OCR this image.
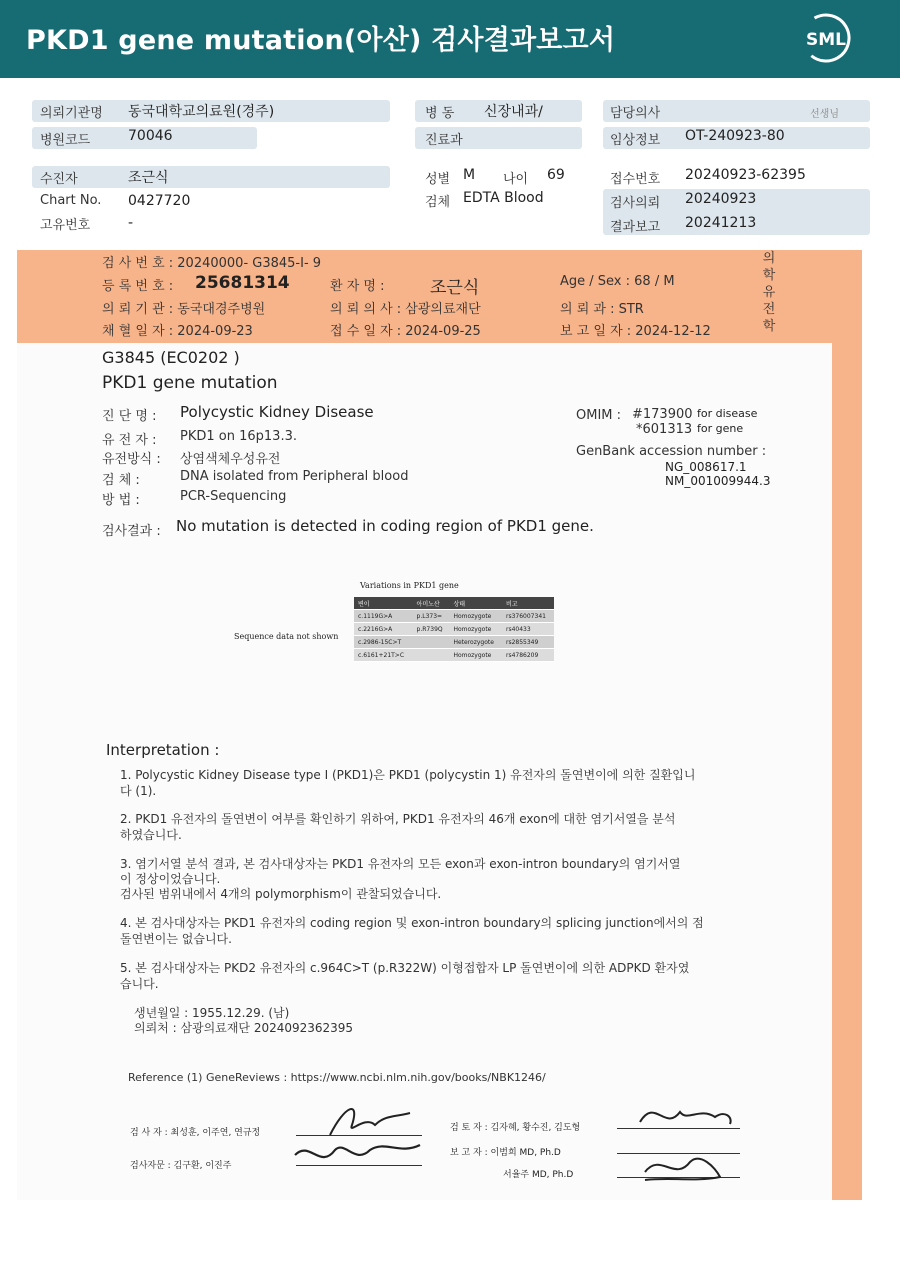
PKD1 gene mutation(아산) 검사결과보고서	SML
의뢰기관명 동국대학교의료원(경주)
병원코드	70046
수진자	조근식
Chart No. 0427720
고유번호	-
병 동 신장내과/
진료과
성별 M 나이 69
검체 EDTA Blood
담당의사	선생님
임상정보 OT-240923-80
접수번호 20240923-62395
검사의뢰 20240923
결과보고 20241213
검 사 번 호 : 20240000- G3845-I- 9
등 록 번 호 : 25681314	환 자 명 :	조근식	Age / Sex : 68 / M
의 뢰 기 관 : 동국대경주병원	의 뢰 의 사 : 삼광의료재단	의 뢰 과 : STR
채 혈 일 자 : 2024-09-23	접 수 일 자 : 2024-09-25	보 고 일 자 : 2024-12-12
의
학
유
전
학
G3845 (EC0202 )
PKD1 gene mutation
진 단 명 : Polycystic Kidney Disease
유 전 자 : PKD1 on 16p13.3.
유전방식 : 상염색체우성유전
검 체 :	DNA isolated from Peripheral blood
방 법 :	PCR-Sequencing
OMIM : #173900 for disease
*601313 for gene
GenBank accession number :
NG_008617.1
NM_001009944.3
검사결과 : No mutation is detected in coding region of PKD1 gene.
Variations in PKD1 gene
Sequence data not shown
변이	아미노산	상태	비고
c.1119G>A	p.L373=	Homozygote	rs376007341
c.2216G>A	p.R739Q	Homozygote	rs40433
c.2986-15C>T		Heterozygote	rs2855349
c.6161+21T>C		Homozygote	rs4786209
Interpretation :
1. Polycystic Kidney Disease type I (PKD1)은 PKD1 (polycystin 1) 유전자의 돌연변이에 의한 질환입니
다 (1).
2. PKD1 유전자의 돌연변이 여부를 확인하기 위하여, PKD1 유전자의 46개 exon에 대한 염기서열을 분석
하였습니다.
3. 염기서열 분석 결과, 본 검사대상자는 PKD1 유전자의 모든 exon과 exon-intron boundary의 염기서열
이 정상이었습니다.
검사된 범위내에서 4개의 polymorphism이 관찰되었습니다.
4. 본 검사대상자는 PKD1 유전자의 coding region 및 exon-intron boundary의 splicing junction에서의 점
돌연변이는 없습니다.
5. 본 검사대상자는 PKD2 유전자의 c.964C>T (p.R322W) 이형접합자 LP 돌연변이에 의한 ADPKD 환자였
습니다.
생년월일 : 1955.12.29. (남)
의뢰처 : 삼광의료재단 2024092362395
Reference (1) GeneReviews : https://www.ncbi.nlm.nih.gov/books/NBK1246/
검 사 자 : 최성훈, 이주연, 연규정
검사자문 : 김구환, 이진주
검 토 자 : 김자혜, 황수진, 김도형
보 고 자 : 이범희 MD, Ph.D
서율주 MD, Ph.D
